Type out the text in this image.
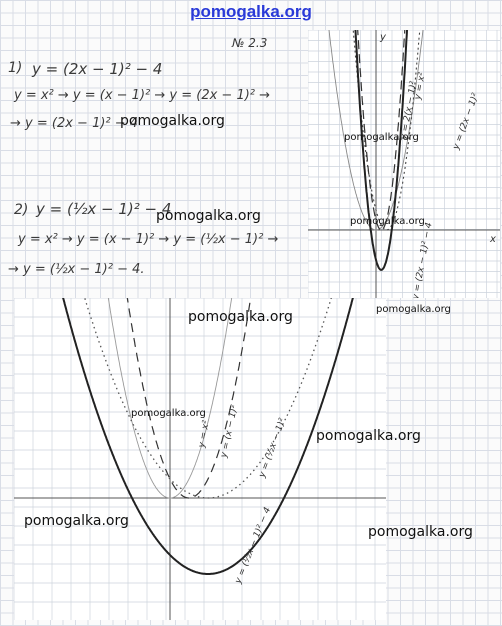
pomogalka.org
№ 2.3
1) y = (2x − 1)² − 4
y = x² → y = (x − 1)² → y = (2x − 1)² →
→ y = (2x − 1)² − 4
2) y = (½x − 1)² − 4
y = x² → y = (x − 1)² → y = (½x − 1)² →
→ y = (½x − 1)² − 4.
x
y
y = 2(x − 1)²
y = x²
y = (2x − 1)²
y = (2x − 1)² − 4
y = x² y = (x − 1)² y = (½x − 1)²
y = (½x − 1)² − 4
pomogalka.org
pomogalka.org
pomogalka.org	pomogalka.org
pomogalka.org
pomogalka.org
pomogalka.org
pomogalka.org
pomogalka.org
pomogalka.org
